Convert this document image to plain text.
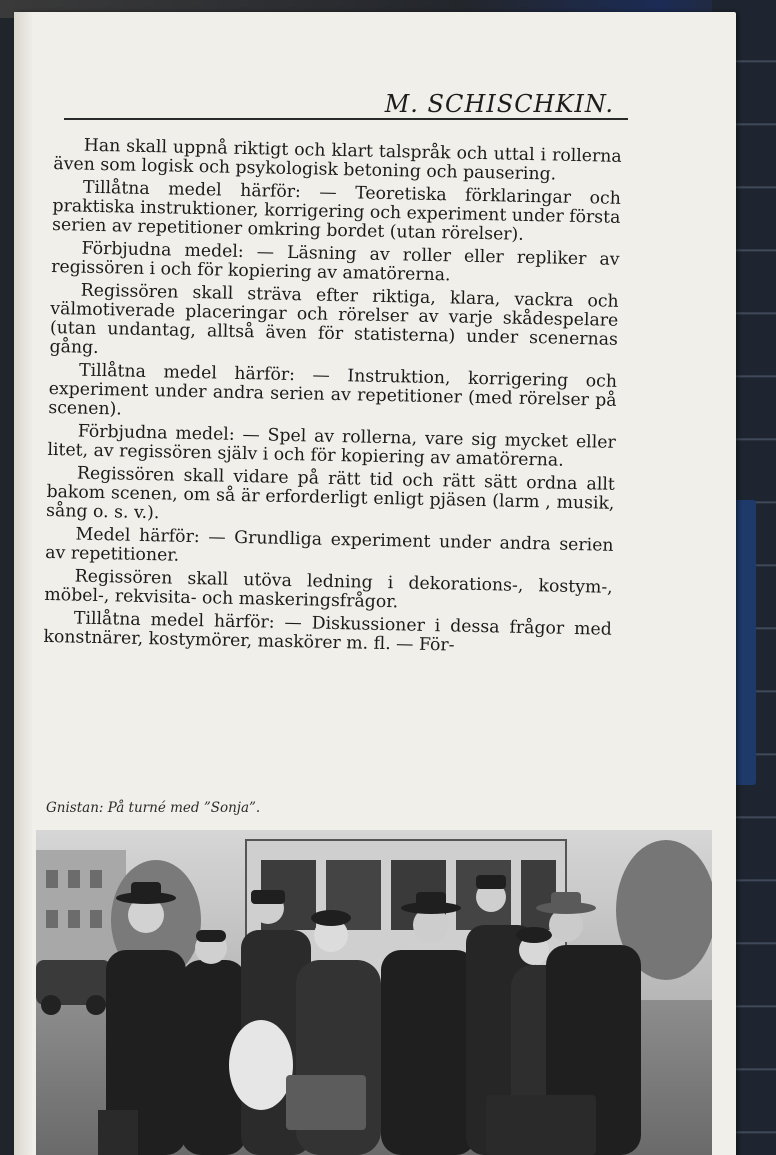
M. SCHISCHKIN.

Han skall uppnå riktigt och klart talspråk och uttal i rollerna även som logisk och psykologisk betoning och pausering.

Tillåtna medel härför: — Teoretiska förklaringar och praktiska instruktioner, korrigering och experiment under första serien av repetitioner omkring bordet (utan rörelser).

Förbjudna medel: — Läsning av roller eller repliker av regissören i och för kopiering av amatörerna.

Regissören skall sträva efter riktiga, klara, vackra och välmotiverade placeringar och rörelser av varje skådespelare (utan undantag, alltså även för statisterna) under scenernas gång.

Tillåtna medel härför: — Instruktion, korrigering och experiment under andra serien av repetitioner (med rörelser på scenen).

Förbjudna medel: — Spel av rollerna, vare sig mycket eller litet, av regissören själv i och för kopiering av amatörerna.

Regissören skall vidare på rätt tid och rätt sätt ordna allt bakom scenen, om så är erforderligt enligt pjäsen (larm , musik, sång o. s. v.).

Medel härför: — Grundliga experiment under andra serien av repetitioner.

Regissören skall utöva ledning i dekorations-, kostym-, möbel-, rekvisita- och maskeringsfrågor.

Tillåtna medel härför: — Diskussioner i dessa frågor med konstnärer, kostymörer, maskörer m. fl. — För-

Gnistan: På turné med ”Sonja”.
